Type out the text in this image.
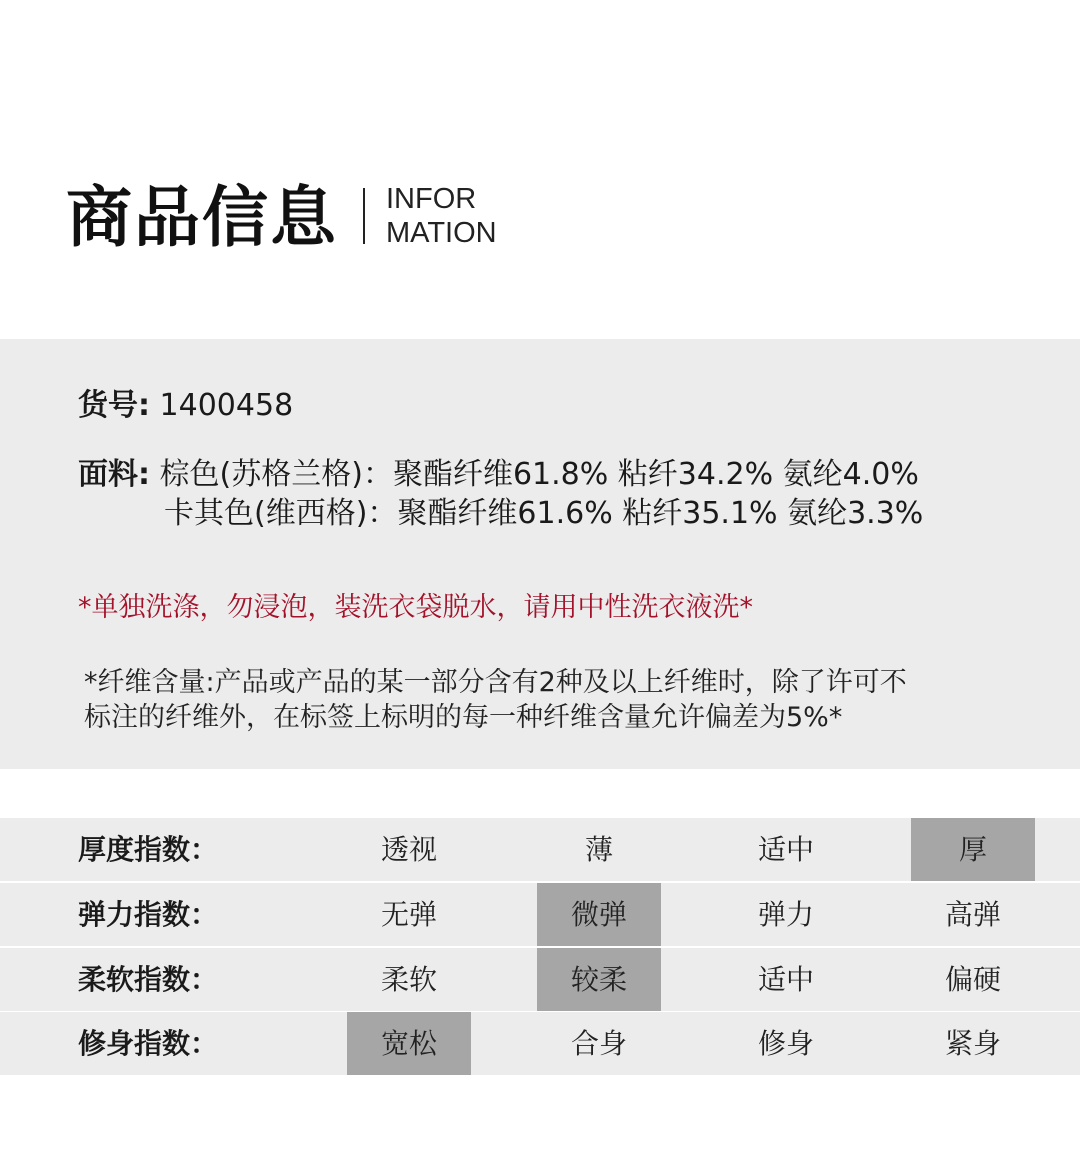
商品信息 INFOR
MATION
货号: 1400458
面料: 棕色(苏格兰格)：聚酯纤维61.8% 粘纤34.2% 氨纶4.0%
卡其色(维西格)：聚酯纤维61.6% 粘纤35.1% 氨纶3.3%
*单独洗涤，勿浸泡，装洗衣袋脱水，请用中性洗衣液洗*
*纤维含量:产品或产品的某一部分含有2种及以上纤维时，除了许可不
标注的纤维外，在标签上标明的每一种纤维含量允许偏差为5%*
厚度指数：	透视	薄	适中	厚
弹力指数：	无弹	微弹	弹力	高弹
柔软指数：	柔软	较柔	适中	偏硬
修身指数：	宽松	合身	修身	紧身
